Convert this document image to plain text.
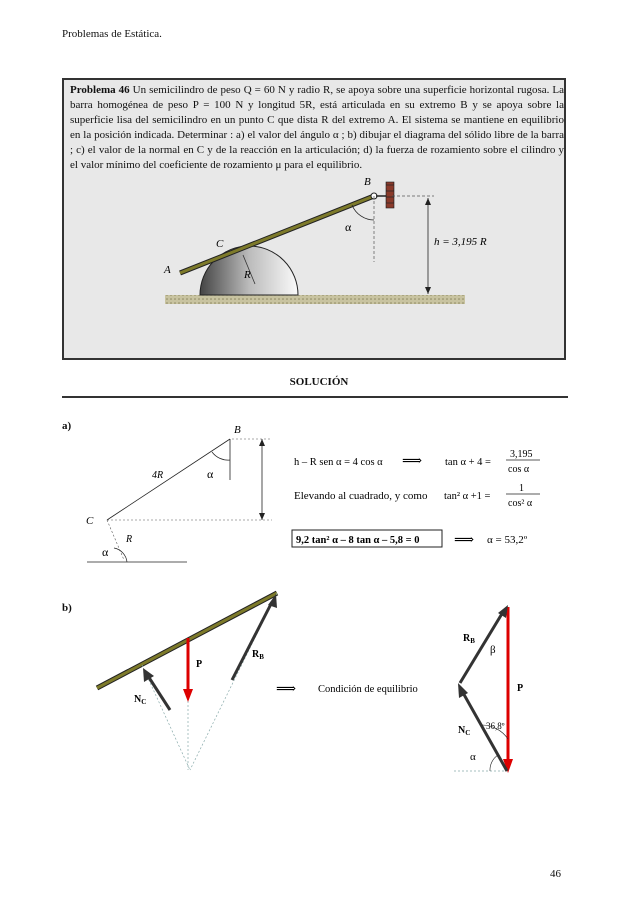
Problemas de Estática.
Problema 46 Un semicilindro de peso Q = 60 N y radio R, se apoya sobre una superficie horizontal rugosa. La barra homogénea de peso P = 100 N y longitud 5R, está articulada en su extremo B y se apoya sobre la superficie lisa del semicilindro en un punto C que dista R del extremo A. El sistema se mantiene en equilibrio en la posición indicada. Determinar : a) el valor del ángulo α ; b) dibujar el diagrama del sólido libre de la barra ; c) el valor de la normal en C y de la reacción en la articulación; d) la fuerza de rozamiento sobre el cilindro y el valor mínimo del coeficiente de rozamiento μ para el equilibrio.
B
C
A	R
α
h = 3,195 R
SOLUCIÓN
a)	B
C
4R
R
α
α
h – R sen α = 4 cos α ⟹ tan α + 4 =
3,195
cos α
Elevando al cuadrado, y como tan² α +1 =
1
cos² α
9,2 tan² α – 8 tan α – 5,8 = 0 ⟹ α = 53,2º
b)
P
$R_B$
$N_C$
⟹ Condición de equilibrio
$R_B$
β
P
$N_C$
36,8º
α
46
